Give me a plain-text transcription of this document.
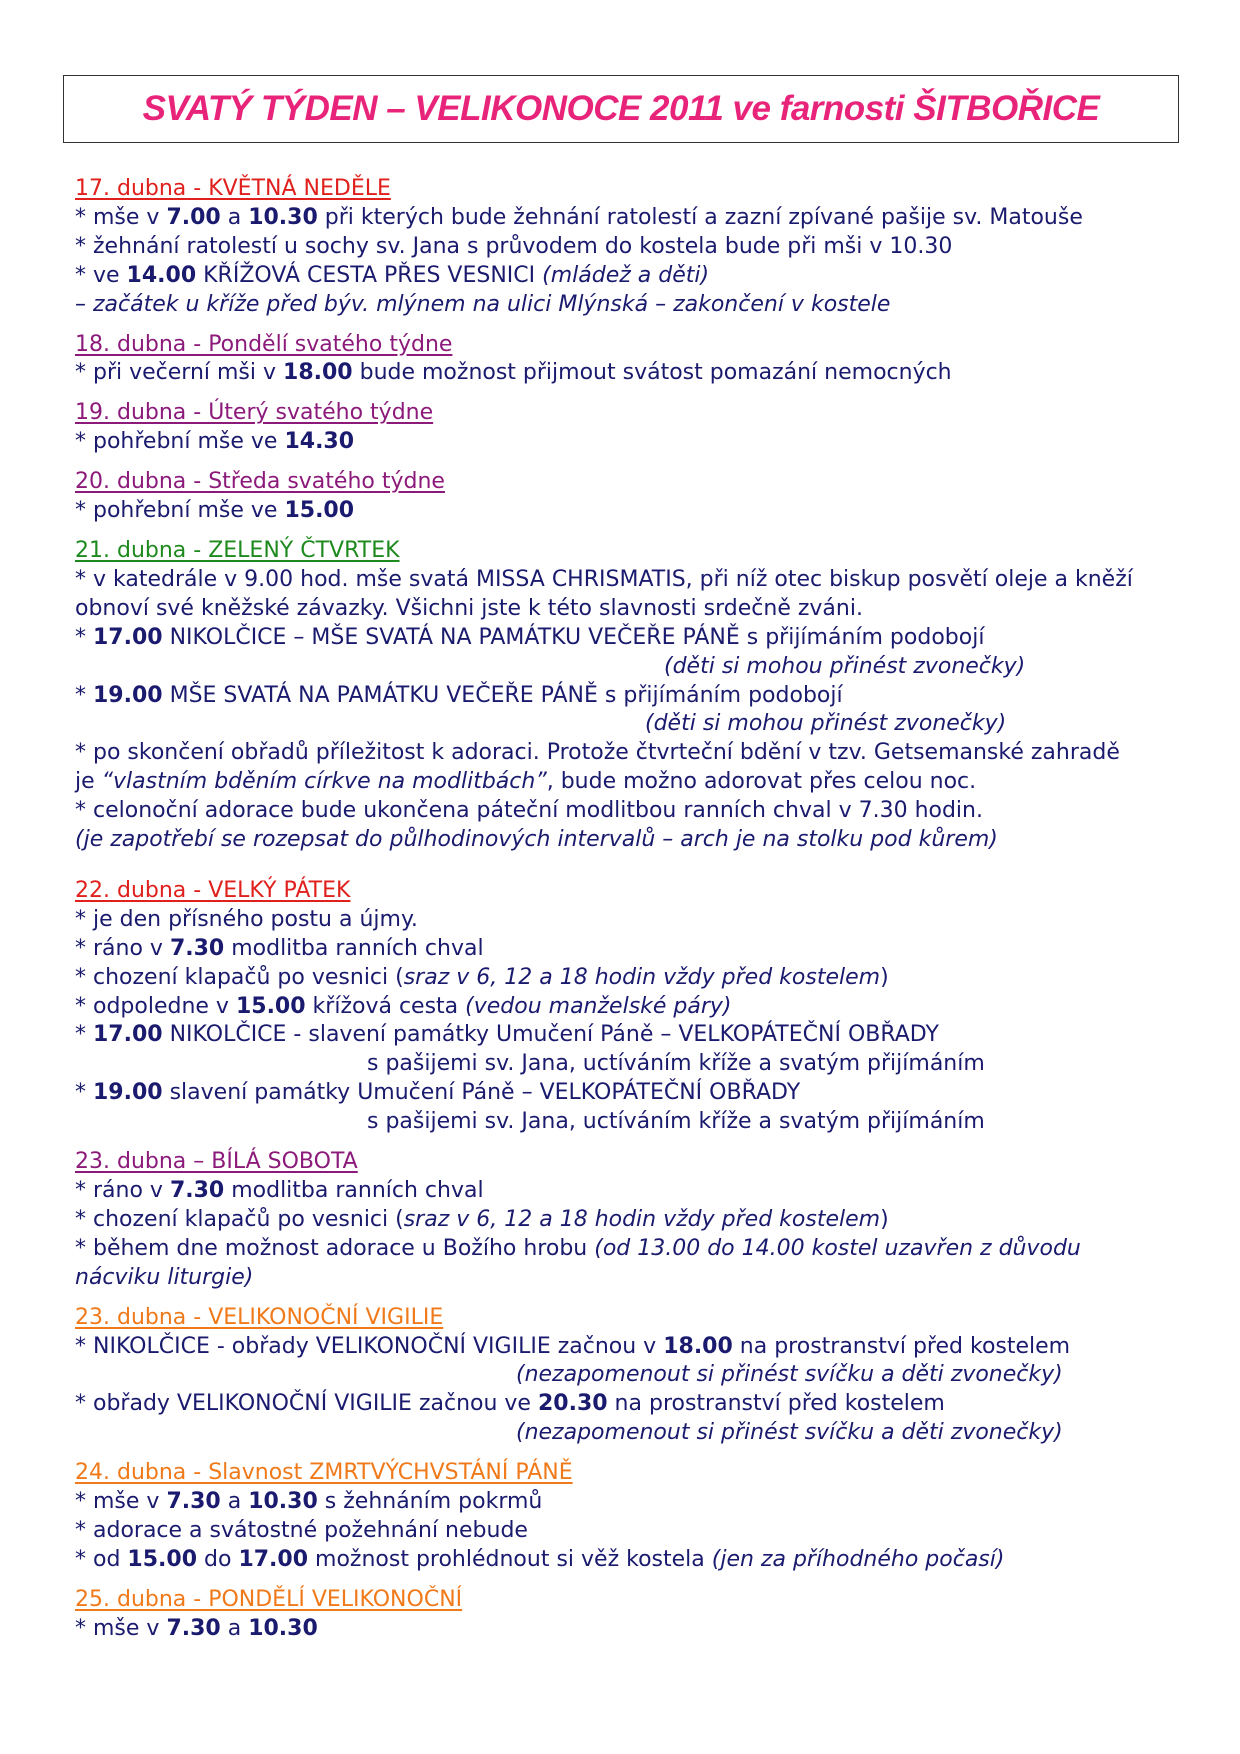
SVATÝ TÝDEN – VELIKONOCE 2011 ve farnosti ŠITBOŘICE
17. dubna - KVĚTNÁ NEDĚLE
* mše v 7.00 a 10.30 při kterých bude žehnání ratolestí a zazní zpívané pašije sv. Matouše
* žehnání ratolestí u sochy sv. Jana s průvodem do kostela bude při mši v 10.30
* ve 14.00 KŘÍŽOVÁ CESTA PŘES VESNICI (mládež a děti)
– začátek u kříže před býv. mlýnem na ulici Mlýnská – zakončení v kostele
18. dubna - Pondělí svatého týdne
* při večerní mši v 18.00 bude možnost přijmout svátost pomazání nemocných
19. dubna - Úterý svatého týdne
* pohřební mše ve 14.30
20. dubna - Středa svatého týdne
* pohřební mše ve 15.00
21. dubna - ZELENÝ ČTVRTEK
* v katedrále v 9.00 hod. mše svatá MISSA CHRISMATIS, při níž otec biskup posvětí oleje a kněží
obnoví své kněžské závazky. Všichni jste k této slavnosti srdečně zváni.
* 17.00 NIKOLČICE – MŠE SVATÁ NA PAMÁTKU VEČEŘE PÁNĚ s přijímáním podobojí
(děti si mohou přinést zvonečky)
* 19.00 MŠE SVATÁ NA PAMÁTKU VEČEŘE PÁNĚ s přijímáním podobojí
(děti si mohou přinést zvonečky)
* po skončení obřadů příležitost k adoraci. Protože čtvrteční bdění v tzv. Getsemanské zahradě
je “vlastním bděním církve na modlitbách”, bude možno adorovat přes celou noc.
* celonoční adorace bude ukončena páteční modlitbou ranních chval v 7.30 hodin.
(je zapotřebí se rozepsat do půlhodinových intervalů – arch je na stolku pod kůrem)
22. dubna - VELKÝ PÁTEK
* je den přísného postu a újmy.
* ráno v 7.30 modlitba ranních chval
* chození klapačů po vesnici (sraz v 6, 12 a 18 hodin vždy před kostelem)
* odpoledne v 15.00 křížová cesta (vedou manželské páry)
* 17.00 NIKOLČICE - slavení památky Umučení Páně – VELKOPÁTEČNÍ OBŘADY
s pašijemi sv. Jana, uctíváním kříže a svatým přijímáním
* 19.00 slavení památky Umučení Páně – VELKOPÁTEČNÍ OBŘADY
s pašijemi sv. Jana, uctíváním kříže a svatým přijímáním
23. dubna – BÍLÁ SOBOTA
* ráno v 7.30 modlitba ranních chval
* chození klapačů po vesnici (sraz v 6, 12 a 18 hodin vždy před kostelem)
* během dne možnost adorace u Božího hrobu (od 13.00 do 14.00 kostel uzavřen z důvodu
nácviku liturgie)
23. dubna - VELIKONOČNÍ VIGILIE
* NIKOLČICE - obřady VELIKONOČNÍ VIGILIE začnou v 18.00 na prostranství před kostelem
(nezapomenout si přinést svíčku a děti zvonečky)
* obřady VELIKONOČNÍ VIGILIE začnou ve 20.30 na prostranství před kostelem
(nezapomenout si přinést svíčku a děti zvonečky)
24. dubna - Slavnost ZMRTVÝCHVSTÁNÍ PÁNĚ
* mše v 7.30 a 10.30 s žehnáním pokrmů
* adorace a svátostné požehnání nebude
* od 15.00 do 17.00 možnost prohlédnout si věž kostela (jen za příhodného počasí)
25. dubna - PONDĚLÍ VELIKONOČNÍ
* mše v 7.30 a 10.30
